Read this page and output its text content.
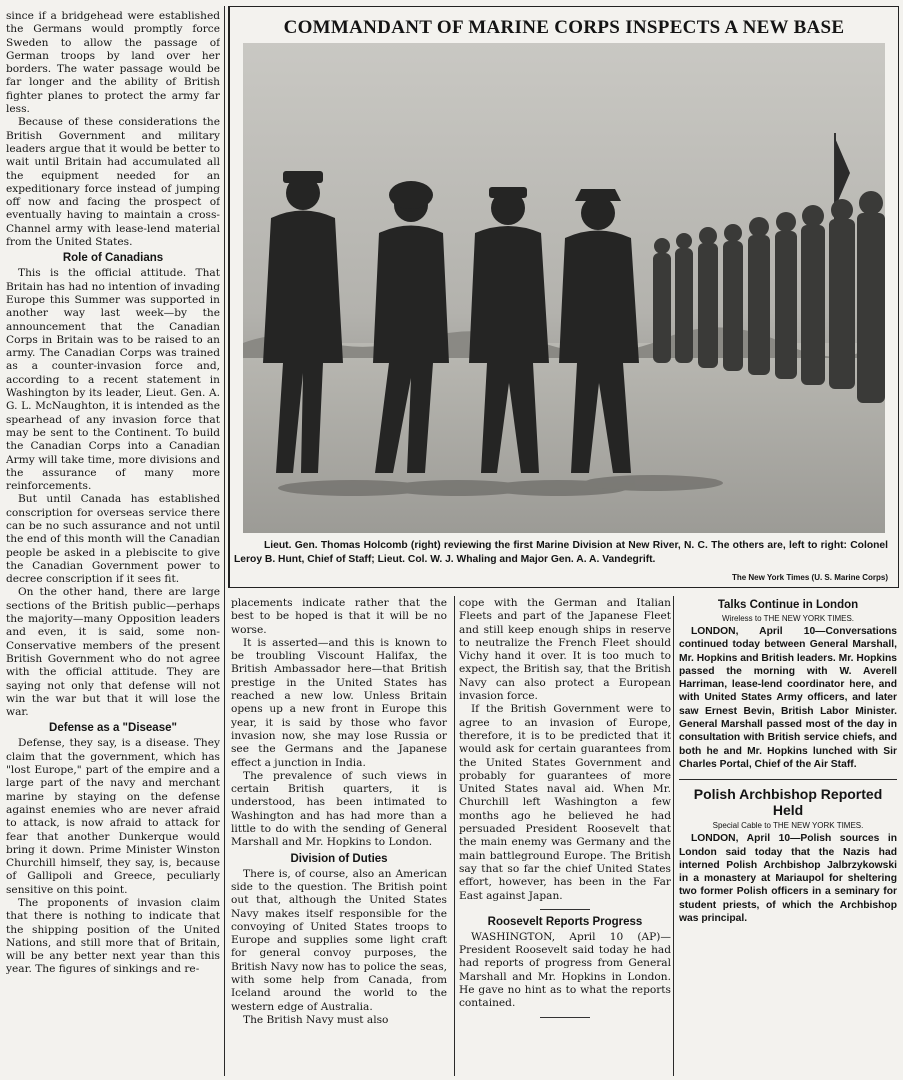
since if a bridgehead were established the Germans would promptly force Sweden to allow the passage of German troops by land over her borders. The water passage would be far longer and the ability of British fighter planes to protect the army far less.

Because of these considerations the British Government and military leaders argue that it would be better to wait until Britain had accumulated all the equipment needed for an expeditionary force instead of jumping off now and facing the prospect of eventually having to maintain a cross-Channel army with lease-lend material from the United States.

Role of Canadians

This is the official attitude. That Britain has had no intention of invading Europe this Summer was supported in another way last week—by the announcement that the Canadian Corps in Britain was to be raised to an army. The Canadian Corps was trained as a counter-invasion force and, according to a recent statement in Washington by its leader, Lieut. Gen. A. G. L. McNaughton, it is intended as the spearhead of any invasion force that may be sent to the Continent. To build the Canadian Corps into a Canadian Army will take time, more divisions and the assurance of many more reinforcements.

But until Canada has established conscription for overseas service there can be no such assurance and not until the end of this month will the Canadian people be asked in a plebiscite to give the Canadian Government power to decree conscription if it sees fit.

On the other hand, there are large sections of the British public—perhaps the majority—many Opposition leaders and even, it is said, some non-Conservative members of the present British Government who do not agree with the official attitude. They are saying not only that defense will not win the war but that it will lose the war.

Defense as a "Disease"

Defense, they say, is a disease. They claim that the government, which has "lost Europe," part of the empire and a large part of the navy and merchant marine by staying on the defense against enemies who are never afraid to attack, is now afraid to attack for fear that another Dunkerque would bring it down. Prime Minister Winston Churchill himself, they say, is, because of Gallipoli and Greece, peculiarly sensitive on this point.

The proponents of invasion claim that there is nothing to indicate that the shipping position of the United Nations, and still more that of Britain, will be any better next year than this year. The figures of sinkings and re-

COMMANDANT OF MARINE CORPS INSPECTS A NEW BASE
Lieut. Gen. Thomas Holcomb (right) reviewing the first Marine Division at New River, N. C. The others are, left to right: Colonel Leroy B. Hunt, Chief of Staff; Lieut. Col. W. J. Whaling and Major Gen. A. A. Vandegrift.
The New York Times (U. S. Marine Corps)

placements indicate rather that the best to be hoped is that it will be no worse.

It is asserted—and this is known to be troubling Viscount Halifax, the British Ambassador here—that British prestige in the United States has reached a new low. Unless Britain opens up a new front in Europe this year, it is said by those who favor invasion now, she may lose Russia or see the Germans and the Japanese effect a junction in India.

The prevalence of such views in certain British quarters, it is understood, has been intimated to Washington and has had more than a little to do with the sending of General Marshall and Mr. Hopkins to London.

Division of Duties

There is, of course, also an American side to the question. The British point out that, although the United States Navy makes itself responsible for the convoying of United States troops to Europe and supplies some light craft for general convoy purposes, the British Navy now has to police the seas, with some help from Canada, from Iceland around the world to the western edge of Australia.

The British Navy must also

cope with the German and Italian Fleets and part of the Japanese Fleet and still keep enough ships in reserve to neutralize the French Fleet should Vichy hand it over. It is too much to expect, the British say, that the British Navy can also protect a European invasion force.

If the British Government were to agree to an invasion of Europe, therefore, it is to be predicted that it would ask for certain guarantees from the United States Government and probably for guarantees of more United States naval aid. When Mr. Churchill left Washington a few months ago he believed he had persuaded President Roosevelt that the main enemy was Germany and the main battleground Europe. The British say that so far the chief United States effort, however, has been in the Far East against Japan.

Roosevelt Reports Progress

WASHINGTON, April 10 (AP)—President Roosevelt said today he had had reports of progress from General Marshall and Mr. Hopkins in London. He gave no hint as to what the reports contained.

Talks Continue in London
Wireless to THE NEW YORK TIMES.

LONDON, April 10—Conversations continued today between General Marshall, Mr. Hopkins and British leaders. Mr. Hopkins passed the morning with W. Averell Harriman, lease-lend coordinator here, and with United States Army officers, and later saw Ernest Bevin, British Labor Minister. General Marshall passed most of the day in consultation with British service chiefs, and both he and Mr. Hopkins lunched with Sir Charles Portal, Chief of the Air Staff.

Polish Archbishop Reported Held
Special Cable to THE NEW YORK TIMES.

LONDON, April 10—Polish sources in London said today that the Nazis had interned Polish Archbishop Jalbrzykowski in a monastery at Mariaupol for sheltering two former Polish officers in a seminary for student priests, of which the Archbishop was principal.
